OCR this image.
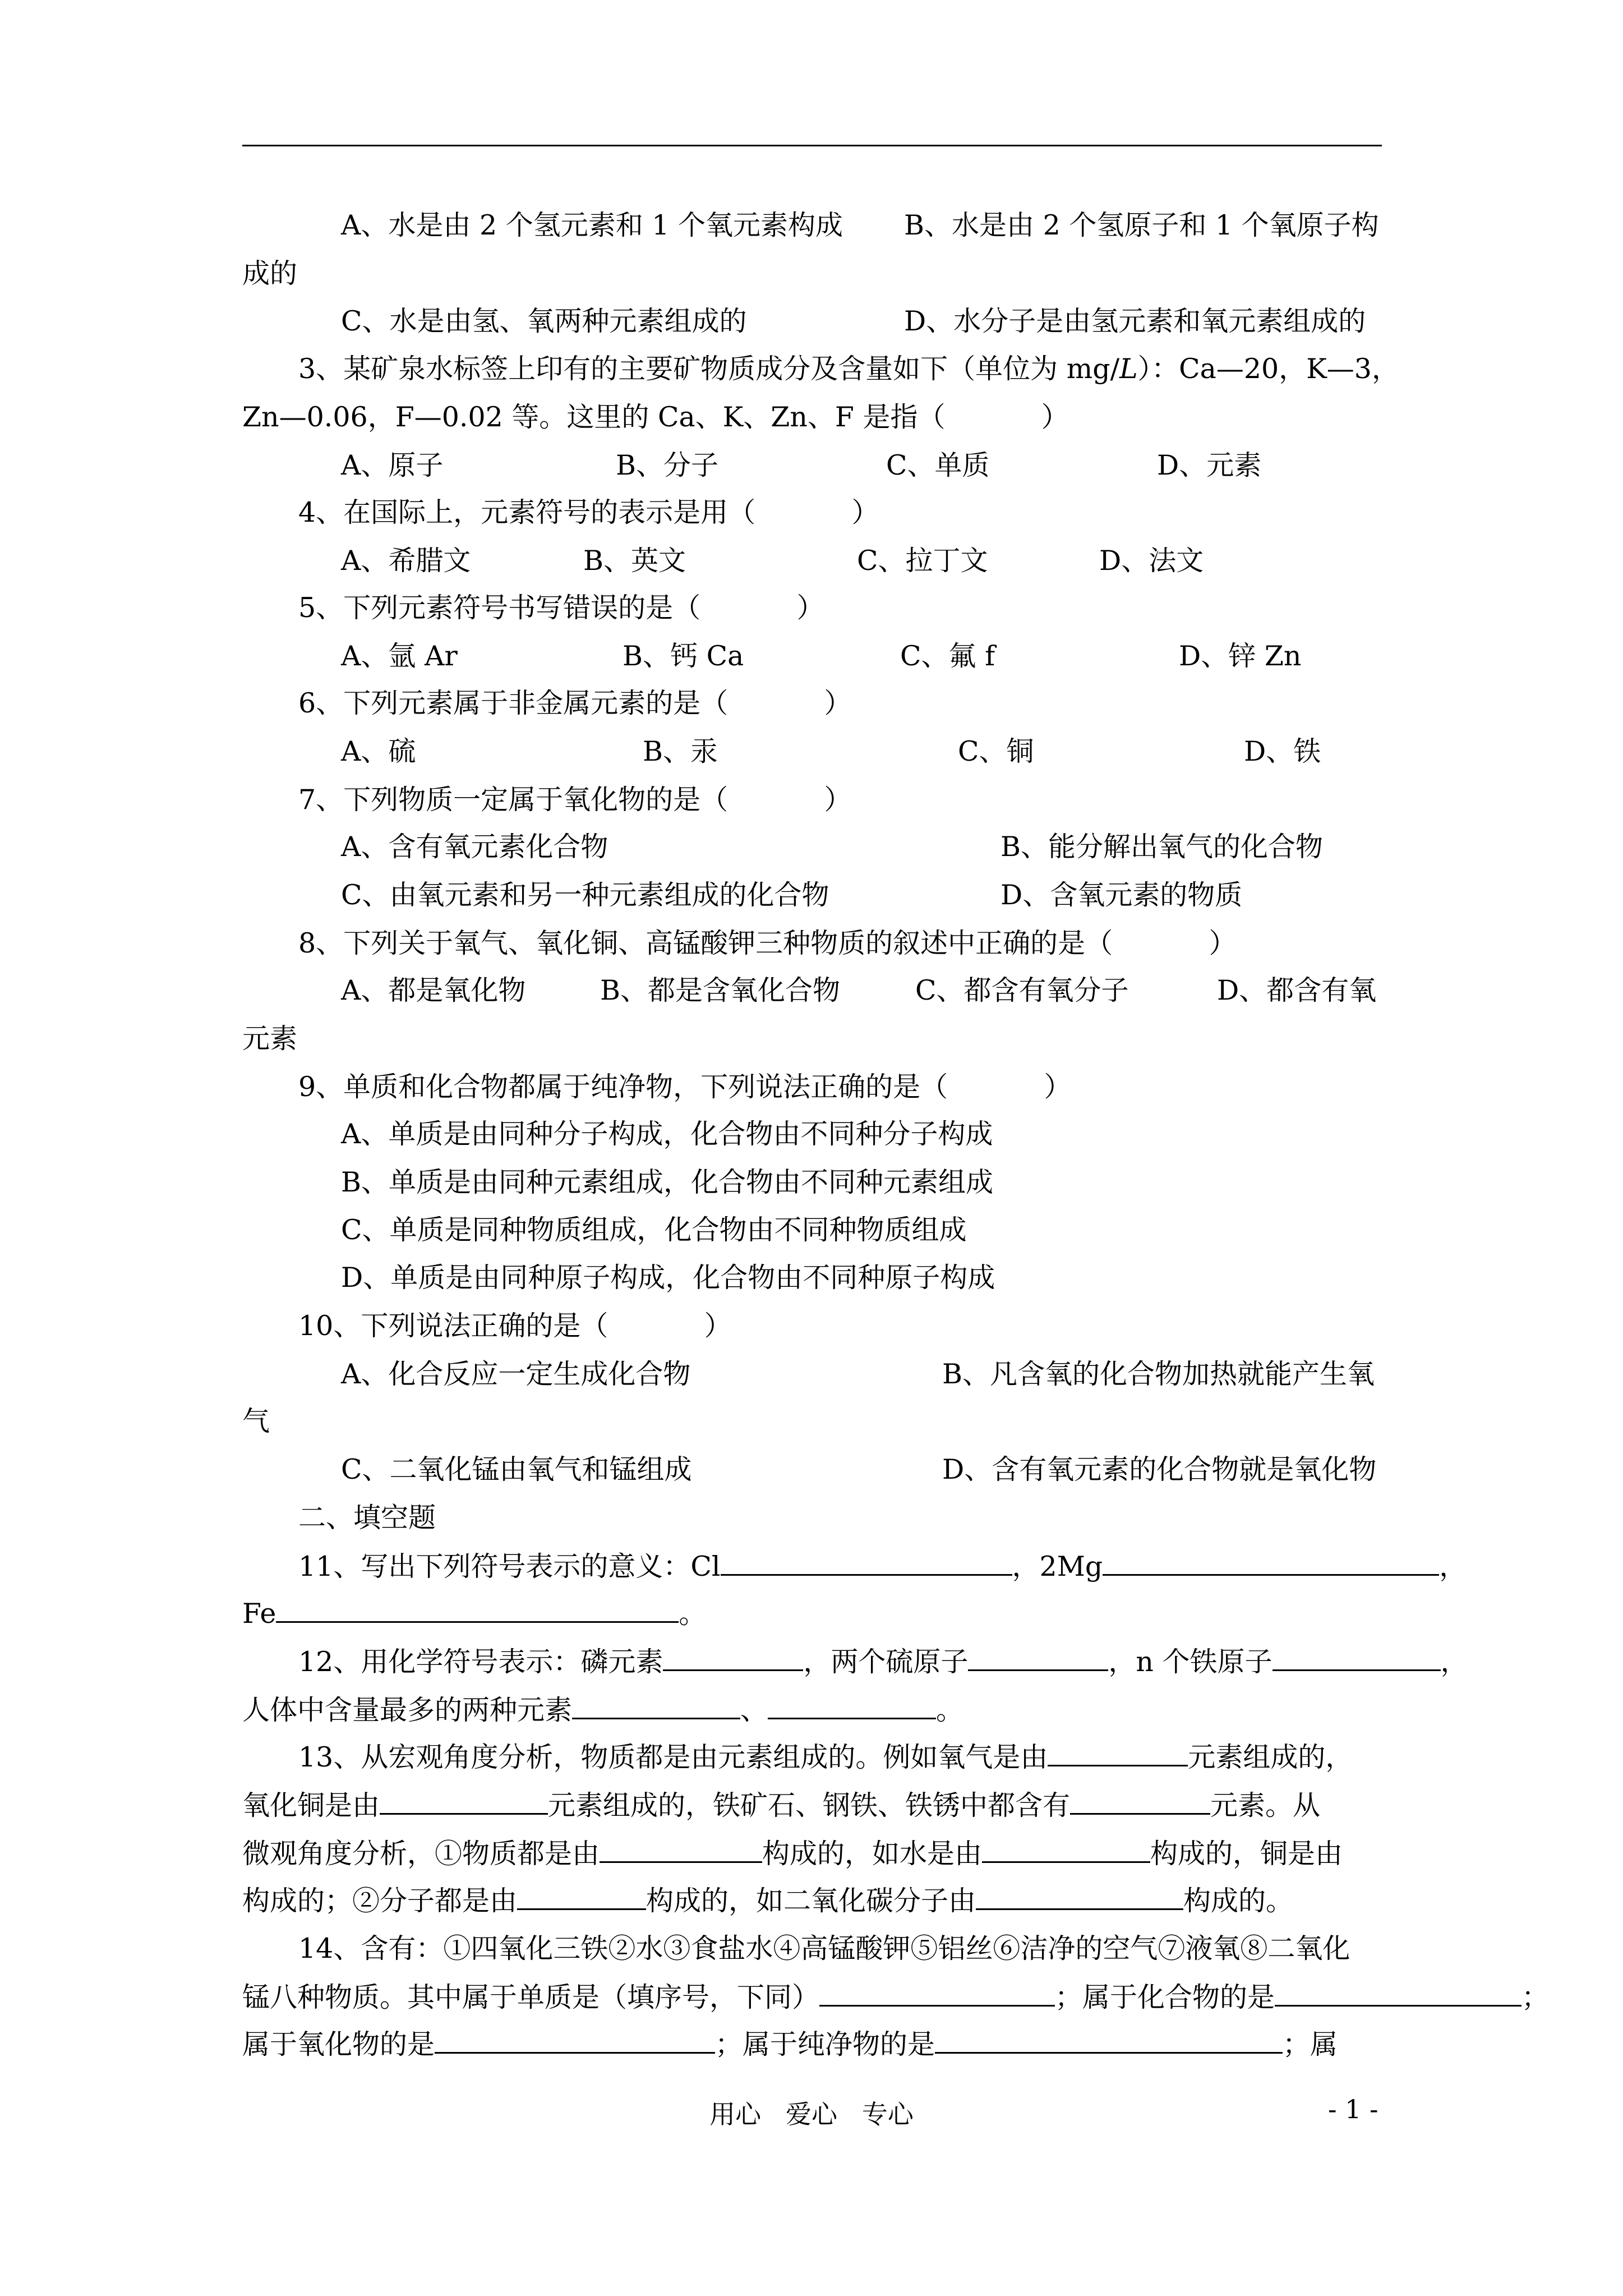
A、水是由 2 个氢元素和 1 个氧元素构成 B、水是由 2 个氢原子和 1 个氧原子构
成的
C、水是由氢、氧两种元素组成的	D、水分子是由氢元素和氧元素组成的
3、某矿泉水标签上印有的主要矿物质成分及含量如下（单位为 mg/L）：Ca—20，K—3，
Zn—0.06，F—0.02 等。这里的 Ca、K、Zn、F 是指（           ）
A、原子	B、分子	C、单质	D、元素
4、在国际上，元素符号的表示是用（           ）
A、希腊文	B、英文	C、拉丁文	D、法文
5、下列元素符号书写错误的是（           ）
A、氩 Ar	B、钙 Ca	C、氟 f	D、锌 Zn
6、下列元素属于非金属元素的是（           ）
A、硫	B、汞	C、铜	D、铁
7、下列物质一定属于氧化物的是（           ）
A、含有氧元素化合物	B、能分解出氧气的化合物
C、由氧元素和另一种元素组成的化合物	D、含氧元素的物质
8、下列关于氧气、氧化铜、高锰酸钾三种物质的叙述中正确的是（           ）
A、都是氧化物	B、都是含氧化合物	C、都含有氧分子	D、都含有氧
元素
9、单质和化合物都属于纯净物，下列说法正确的是（           ）
A、单质是由同种分子构成，化合物由不同种分子构成
B、单质是由同种元素组成，化合物由不同种元素组成
C、单质是同种物质组成，化合物由不同种物质组成
D、单质是由同种原子构成，化合物由不同种原子构成
10、下列说法正确的是（           ）
A、化合反应一定生成化合物	B、凡含氧的化合物加热就能产生氧
气
C、二氧化锰由氧气和锰组成	D、含有氧元素的化合物就是氧化物
二、填空题
11、写出下列符号表示的意义：Cl	，2Mg	，
Fe	。
12、用化学符号表示：磷元素	，两个硫原子	，n 个铁原子	，
人体中含量最多的两种元素	、	。
13、从宏观角度分析，物质都是由元素组成的。例如氧气是由	元素组成的，
氧化铜是由	元素组成的，铁矿石、钢铁、铁锈中都含有	元素。从
微观角度分析，①物质都是由	构成的，如水是由	构成的，铜是由
构成的；②分子都是由	构成的，如二氧化碳分子由	构成的。
14、含有：①四氧化三铁②水③食盐水④高锰酸钾⑤铝丝⑥洁净的空气⑦液氧⑧二氧化
锰八种物质。其中属于单质是（填序号，下同）	；属于化合物的是	；
属于氧化物的是	；属于纯净物的是	；属
用心   爱心   专心	- 1 -
